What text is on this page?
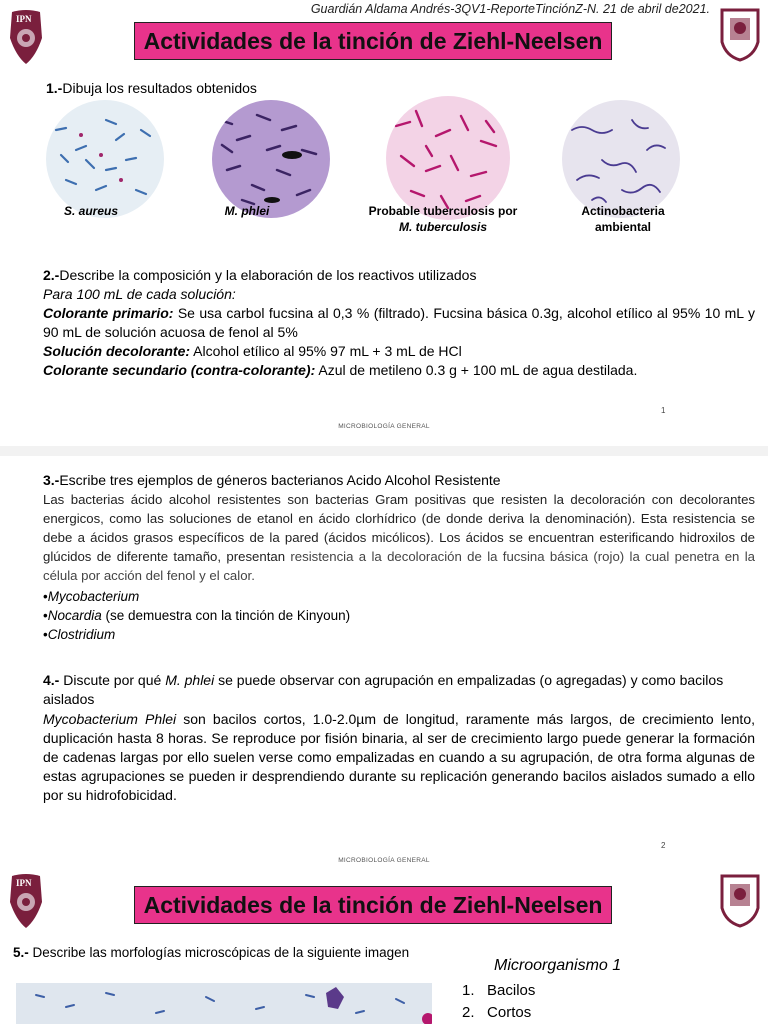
Guardián Aldama Andrés-3QV1-ReporteTinciónZ-N. 21 de abril de2021.
IPN
Actividades de la tinción de Ziehl-Neelsen
1.-Dibuja los resultados obtenidos
S. aureus	M. phlei	Probable tuberculosis por
M. tuberculosis
Actinobacteria
ambiental
2.-Describe la composición y la elaboración de los reactivos utilizados
Para 100 mL de cada solución:
Colorante primario: Se usa carbol fucsina al 0,3 % (filtrado). Fucsina básica 0.3g, alcohol etílico al 95% 10 mL y 90 mL de solución acuosa de fenol al 5%
Solución decolorante: Alcohol etílico al 95% 97 mL + 3 mL de HCl
Colorante secundario (contra-colorante): Azul de metileno 0.3 g + 100 mL de agua destilada.
1
MICROBIOLOGÍA GENERAL
3.-Escribe tres ejemplos de géneros bacterianos Acido Alcohol Resistente
Las bacterias ácido alcohol resistentes son bacterias Gram positivas que resisten la decoloración con decolorantes energicos, como las soluciones de etanol en ácido clorhídrico (de donde deriva la denominación). Esta resistencia se debe a ácidos grasos específicos de la pared (ácidos micólicos). Los ácidos se encuentran esterificando hidroxilos de glúcidos de diferente tamaño, presentan resistencia a la decoloración de la fucsina básica (rojo) la cual penetra en la célula por acción del fenol y el calor.
•Mycobacterium
•Nocardia (se demuestra con la tinción de Kinyoun)
•Clostridium
4.- Discute por qué M. phlei se puede observar con agrupación en empalizadas (o agregadas) y como bacilos aislados
Mycobacterium Phlei son bacilos cortos, 1.0-2.0µm de longitud, raramente más largos, de crecimiento lento, duplicación hasta 8 horas. Se reproduce por fisión binaria, al ser de crecimiento largo puede generar la formación de cadenas largas por ello suelen verse como empalizadas en cuando a su agrupación, de otra forma algunas de estas agrupaciones se pueden ir desprendiendo durante su replicación generando bacilos aislados sumado a ello por su hidrofobicidad.
2
MICROBIOLOGÍA GENERAL
IPN
Actividades de la tinción de Ziehl-Neelsen
5.- Describe las morfologías microscópicas de la siguiente imagen
Microorganismo 1
1. Bacilos
2. Cortos
